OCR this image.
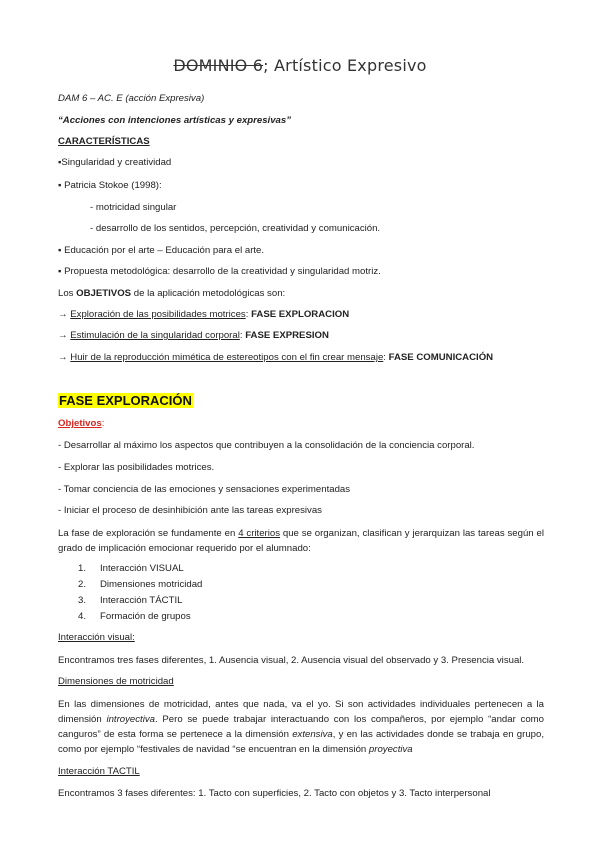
DOMINIO 6; Artístico Expresivo
DAM 6 – AC. E (acción Expresiva)
“Acciones con intenciones artísticas y expresivas”
CARACTERÍSTICAS
▪Singularidad y creatividad
▪ Patricia Stokoe (1998):
- motricidad singular
- desarrollo de los sentidos, percepción, creatividad y comunicación.
▪ Educación por el arte – Educación para el arte.
▪ Propuesta metodológica: desarrollo de la creatividad y singularidad motriz.
Los OBJETIVOS de la aplicación metodológicas son:
→ Exploración de las posibilidades motrices: FASE EXPLORACION
→ Estimulación de la singularidad corporal: FASE EXPRESION
→ Huir de la reproducción mimética de estereotipos con el fin crear mensaje: FASE COMUNICACIÓN
FASE EXPLORACIÓN
Objetivos:
- Desarrollar al máximo los aspectos que contribuyen a la consolidación de la conciencia corporal.
- Explorar las posibilidades motrices.
- Tomar conciencia de las emociones y sensaciones experimentadas
- Iniciar el proceso de desinhibición ante las tareas expresivas
La fase de exploración se fundamente en 4 criterios que se organizan, clasifican y jerarquizan las tareas según el grado de implicación emocionar requerido por el alumnado:
1. Interacción VISUAL
2. Dimensiones motricidad
3. Interacción TÁCTIL
4. Formación de grupos
Interacción visual:
Encontramos tres fases diferentes, 1. Ausencia visual, 2. Ausencia visual del observado y 3. Presencia visual.
Dimensiones de motricidad
En las dimensiones de motricidad, antes que nada, va el yo. Si son actividades individuales pertenecen a la dimensión introyectiva. Pero se puede trabajar interactuando con los compañeros, por ejemplo “andar como canguros” de esta forma se pertenece a la dimensión extensiva, y en las actividades donde se trabaja en grupo, como por ejemplo “festivales de navidad “se encuentran en la dimensión proyectiva
Interacción TACTIL
Encontramos 3 fases diferentes: 1. Tacto con superficies, 2. Tacto con objetos y 3. Tacto interpersonal
